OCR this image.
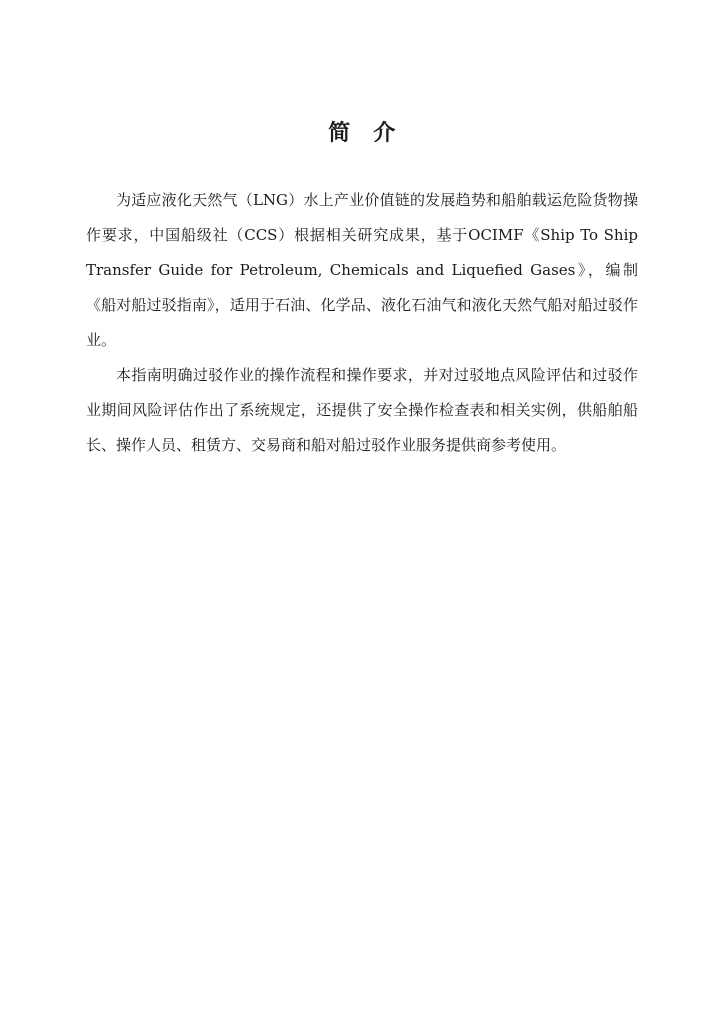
简　介

为适应液化天然气（LNG）水上产业价值链的发展趋势和船舶载运危险货物操作要求，中国船级社（CCS）根据相关研究成果，基于OCIMF《Ship To Ship Transfer Guide for Petroleum, Chemicals and Liquefied Gases》，编制《船对船过驳指南》，适用于石油、化学品、液化石油气和液化天然气船对船过驳作业。

本指南明确过驳作业的操作流程和操作要求，并对过驳地点风险评估和过驳作业期间风险评估作出了系统规定，还提供了安全操作检查表和相关实例，供船舶船长、操作人员、租赁方、交易商和船对船过驳作业服务提供商参考使用。
